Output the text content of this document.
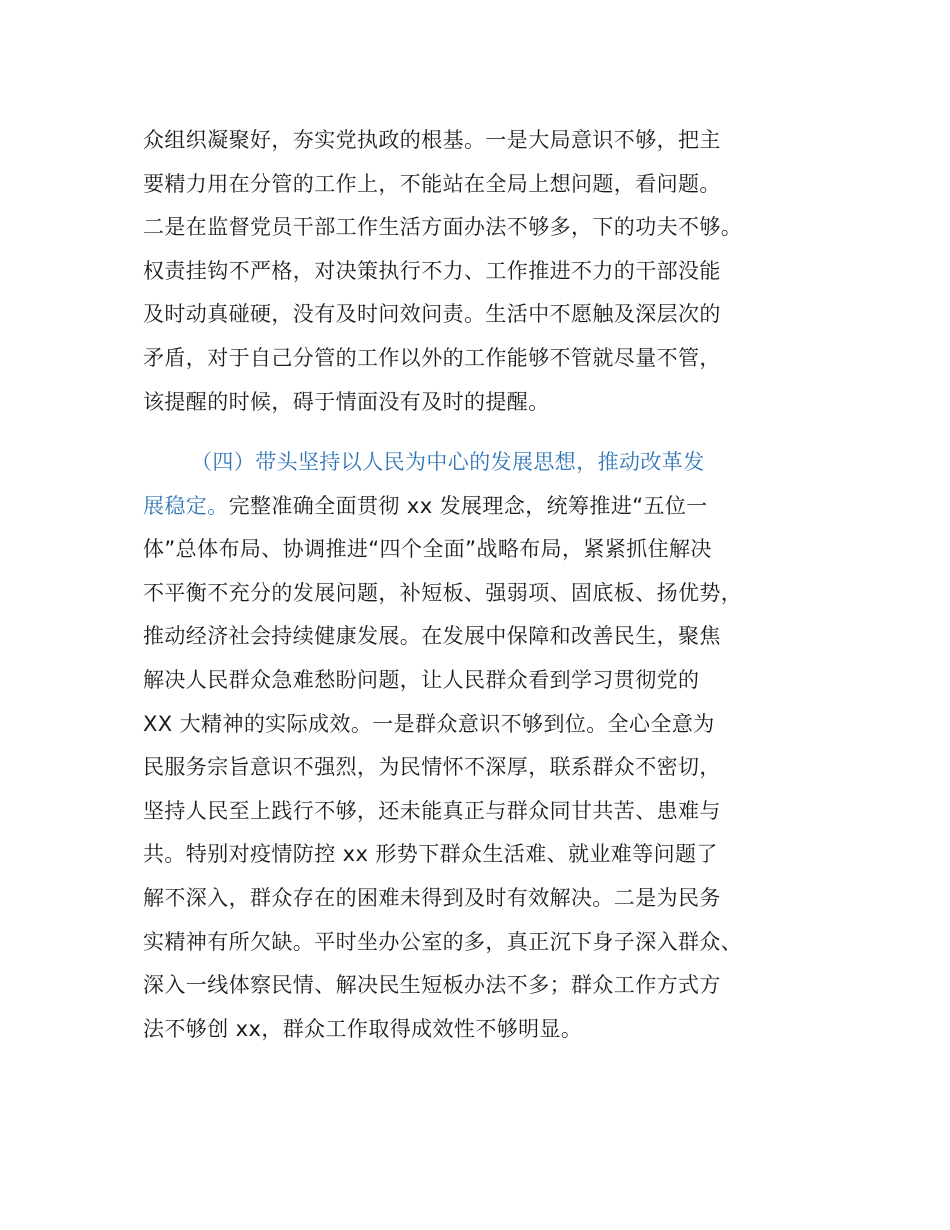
众组织凝聚好，夯实党执政的根基。一是大局意识不够，把主
要精力用在分管的工作上，不能站在全局上想问题，看问题。
二是在监督党员干部工作生活方面办法不够多，下的功夫不够。
权责挂钩不严格，对决策执行不力、工作推进不力的干部没能
及时动真碰硬，没有及时问效问责。生活中不愿触及深层次的
矛盾，对于自己分管的工作以外的工作能够不管就尽量不管，
该提醒的时候，碍于情面没有及时的提醒。
（四）带头坚持以人民为中心的发展思想，推动改革发
展稳定。完整准确全面贯彻 xx 发展理念，统筹推进“五位一
体”总体布局、协调推进“四个全面”战略布局，紧紧抓住解决
不平衡不充分的发展问题，补短板、强弱项、固底板、扬优势，
推动经济社会持续健康发展。在发展中保障和改善民生，聚焦
解决人民群众急难愁盼问题，让人民群众看到学习贯彻党的
XX 大精神的实际成效。一是群众意识不够到位。全心全意为
民服务宗旨意识不强烈，为民情怀不深厚，联系群众不密切，
坚持人民至上践行不够，还未能真正与群众同甘共苦、患难与
共。特别对疫情防控 xx 形势下群众生活难、就业难等问题了
解不深入，群众存在的困难未得到及时有效解决。二是为民务
实精神有所欠缺。平时坐办公室的多，真正沉下身子深入群众、
深入一线体察民情、解决民生短板办法不多；群众工作方式方
法不够创 xx，群众工作取得成效性不够明显。
